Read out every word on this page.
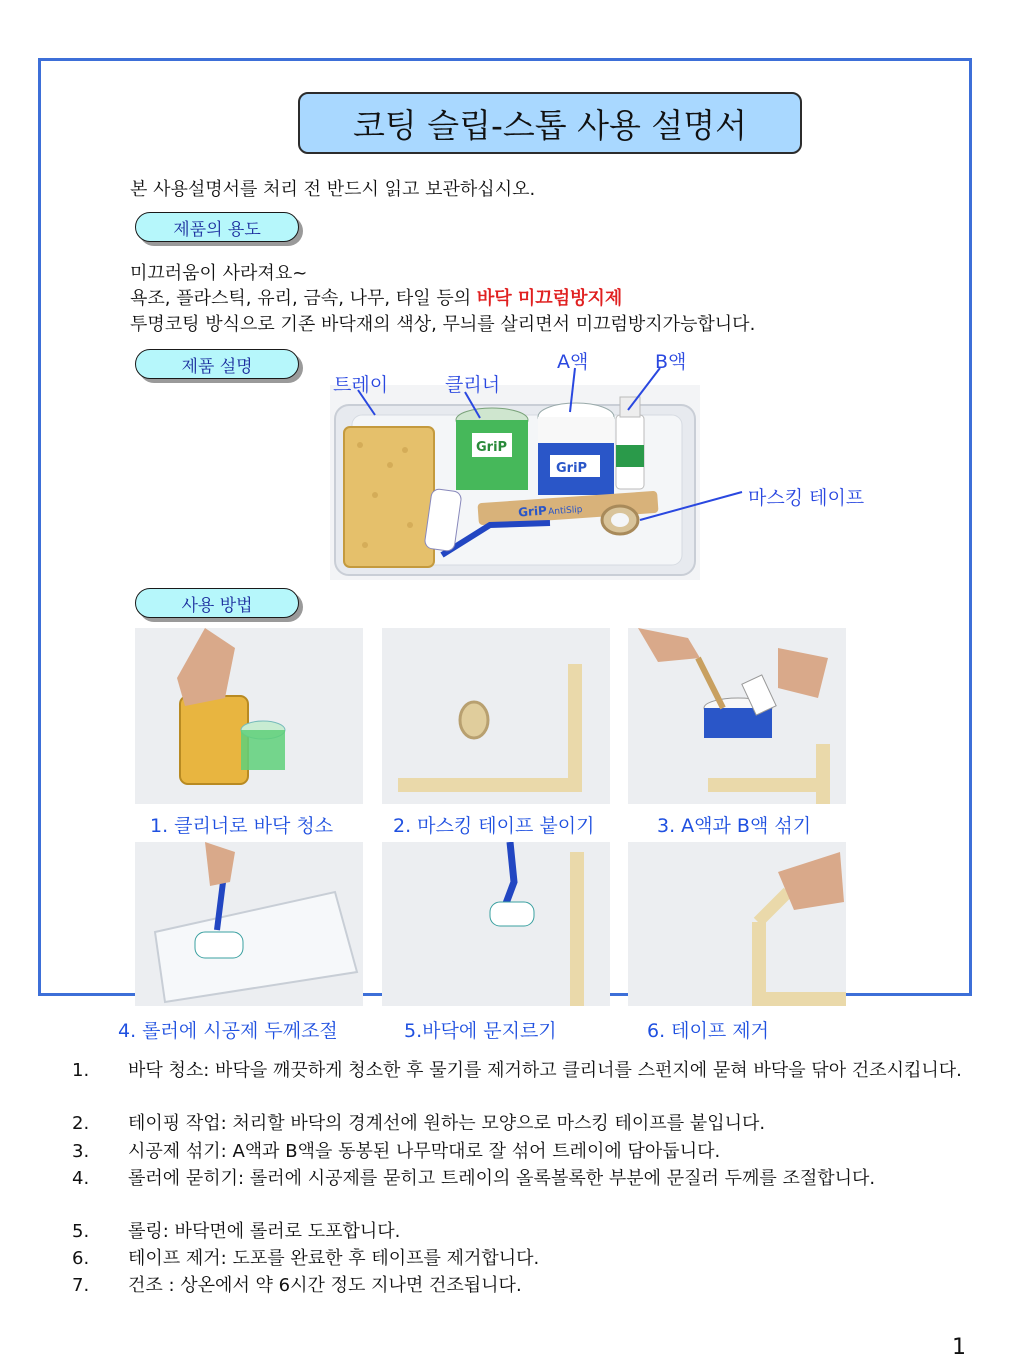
코팅 슬립-스톱 사용 설명서
본 사용설명서를 처리 전 반드시 읽고 보관하십시오.
제품의 용도
미끄러움이 사라져요~
욕조, 플라스틱, 유리, 금속, 나무, 타일 등의 바닥 미끄럼방지제
투명코팅 방식으로 기존 바닥재의 색상, 무늬를 살리면서 미끄럼방지가능합니다.
제품 설명
GriP
GriP
GriP AntiSlip
트레이	클리너
A액	B액
마스킹 테이프
사용 방법
1. 클리너로 바닥 청소	2. 마스킹 테이프 붙이기	3. A액과 B액 섞기
4. 롤러에 시공제 두께조절	5.바닥에 문지르기	6. 테이프 제거
1.	바닥 청소: 바닥을 깨끗하게 청소한 후 물기를 제거하고 클리너를 스펀지에 묻혀 바닥을 닦아 건조시킵니다.
2.	테이핑 작업: 처리할 바닥의 경계선에 원하는 모양으로 마스킹 테이프를 붙입니다.
3.	시공제 섞기: A액과 B액을 동봉된 나무막대로 잘 섞어 트레이에 담아둡니다.
4.	롤러에 묻히기: 롤러에 시공제를 묻히고 트레이의 올록볼록한 부분에 문질러 두께를 조절합니다.
5.	롤링: 바닥면에 롤러로 도포합니다.
6.	테이프 제거: 도포를 완료한 후 테이프를 제거합니다.
7.	건조 : 상온에서 약 6시간 정도 지나면 건조됩니다.
1
